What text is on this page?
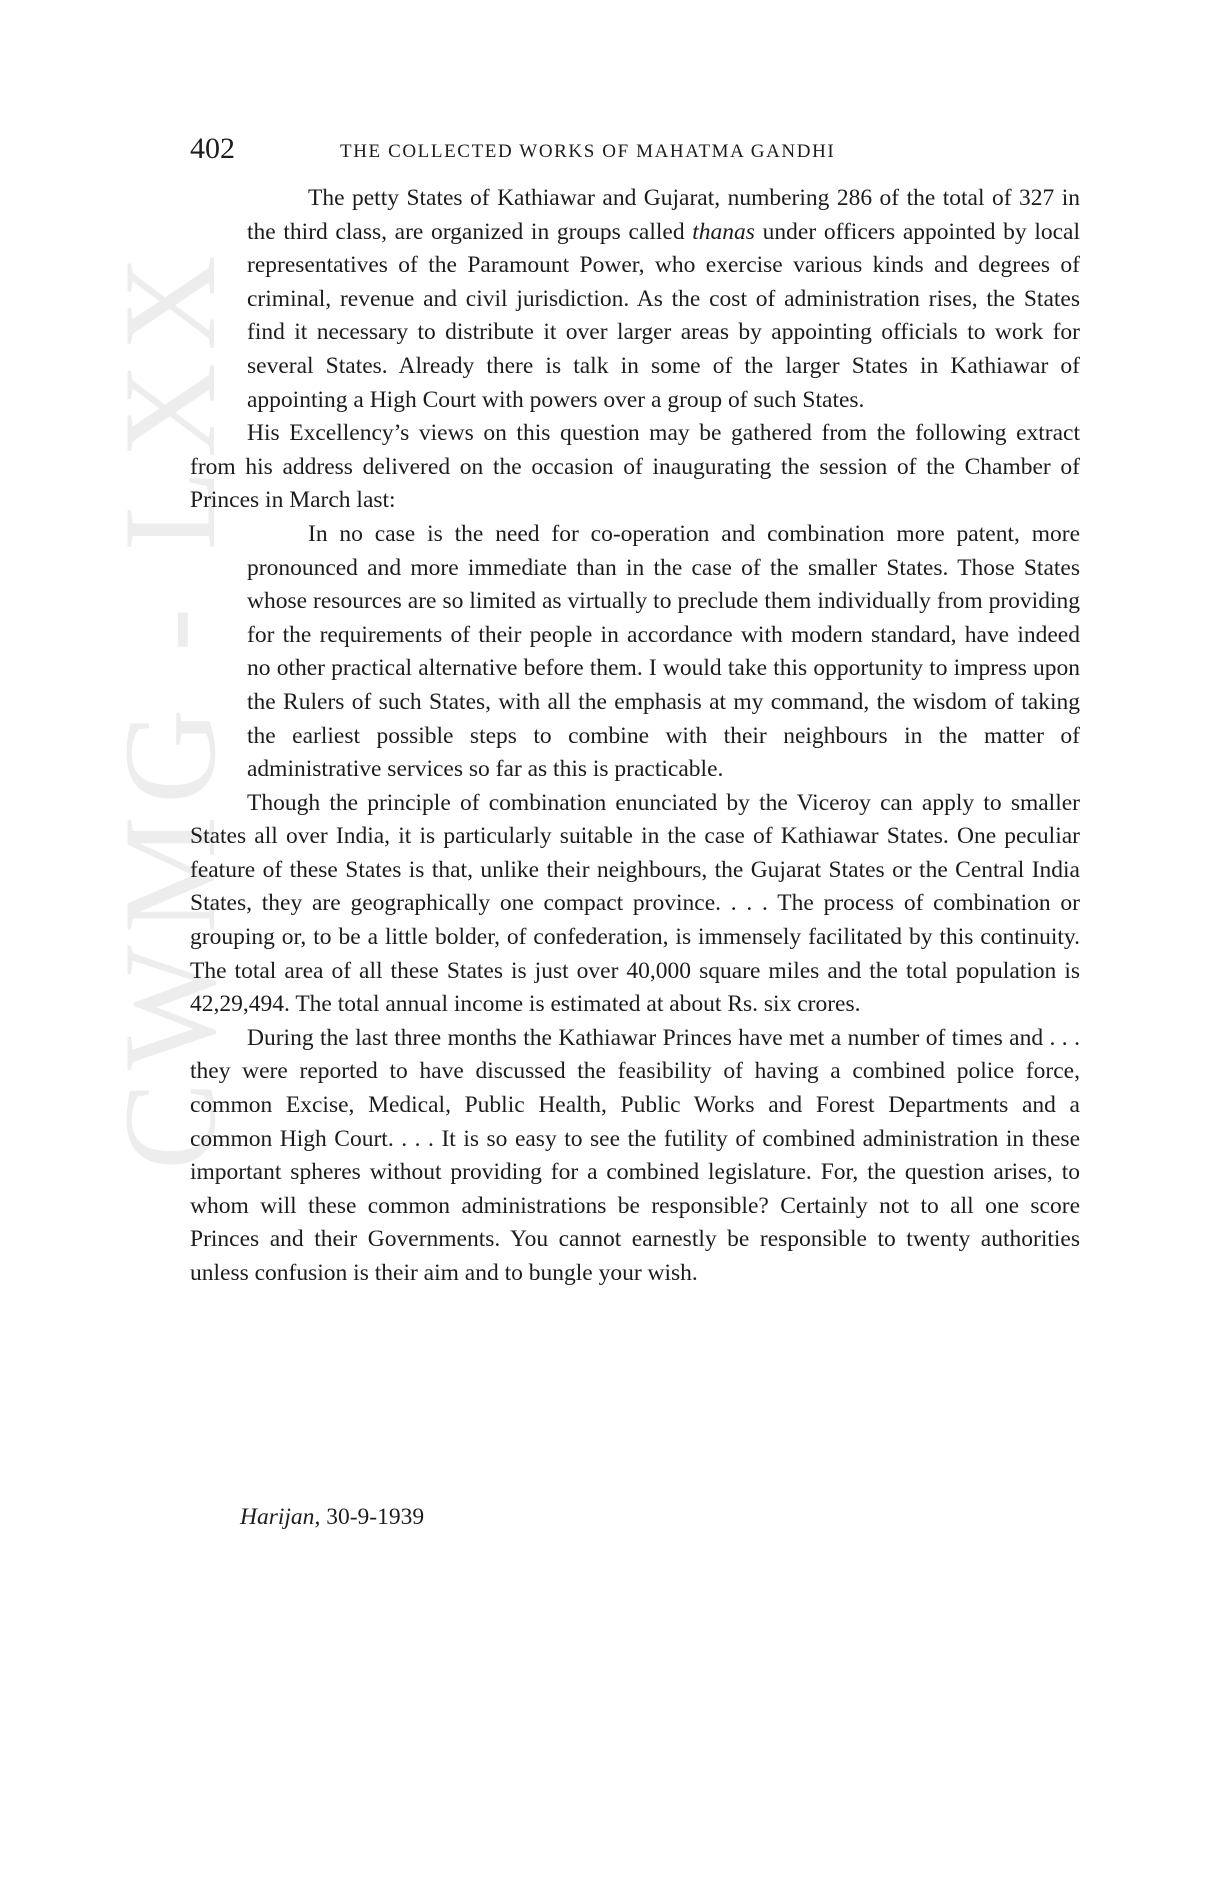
CWMG - LXX
402	THE COLLECTED WORKS OF MAHATMA GANDHI

The petty States of Kathiawar and Gujarat, numbering 286 of the total of 327 in the third class, are organized in groups called thanas under officers appointed by local representatives of the Paramount Power, who exercise various kinds and degrees of criminal, revenue and civil jurisdiction. As the cost of administration rises, the States find it necessary to distribute it over larger areas by appointing officials to work for several States. Already there is talk in some of the larger States in Kathiawar of appointing a High Court with powers over a group of such States.

His Excellency’s views on this question may be gathered from the following extract from his address delivered on the occasion of inaugurating the session of the Chamber of Princes in March last:

In no case is the need for co-operation and combination more patent, more pronounced and more immediate than in the case of the smaller States. Those States whose resources are so limited as virtually to preclude them individually from providing for the requirements of their people in accordance with modern standard, have indeed no other practical alternative before them. I would take this opportunity to impress upon the Rulers of such States, with all the emphasis at my command, the wisdom of taking the earliest possible steps to combine with their neighbours in the matter of administrative services so far as this is practicable.

Though the principle of combination enunciated by the Viceroy can apply to smaller States all over India, it is particularly suitable in the case of Kathiawar States. One peculiar feature of these States is that, unlike their neighbours, the Gujarat States or the Central India States, they are geographically one compact province. . . . The process of combination or grouping or, to be a little bolder, of confederation, is immensely facilitated by this continuity. The total area of all these States is just over 40,000 square miles and the total population is 42,29,494. The total annual income is estimated at about Rs. six crores.

During the last three months the Kathiawar Princes have met a number of times and . . . they were reported to have discussed the feasibility of having a combined police force, common Excise, Medical, Public Health, Public Works and Forest Departments and a common High Court. . . . It is so easy to see the futility of combined administration in these important spheres without providing for a combined legislature. For, the question arises, to whom will these common administrations be responsible? Certainly not to all one score Princes and their Governments. You cannot earnestly be responsible to twenty authorities unless confusion is their aim and to bungle your wish.

Harijan, 30-9-1939
